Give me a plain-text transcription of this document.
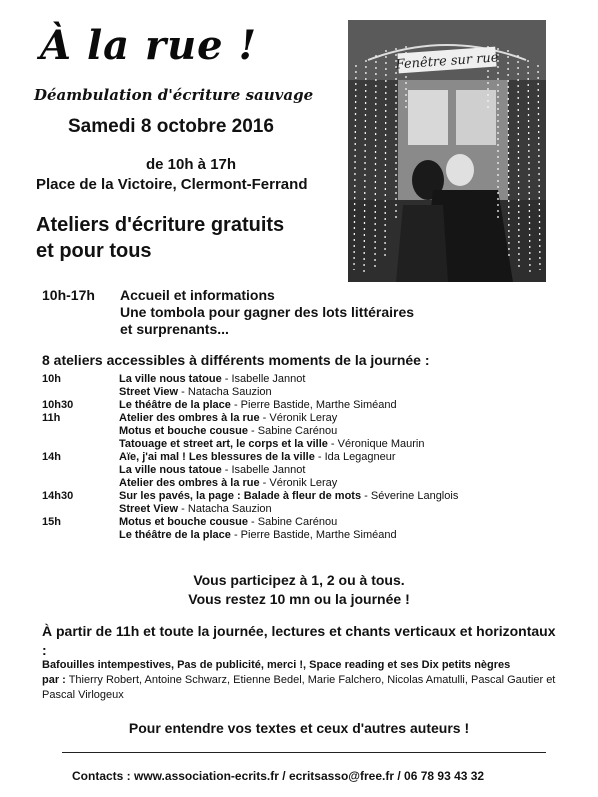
À la rue !
Déambulation d'écriture sauvage
Samedi 8 octobre 2016
de 10h à 17h
Place de la Victoire, Clermont-Ferrand
Ateliers d'écriture gratuits
et pour tous
Fenêtre sur rue
10h-17h Accueil et informations
Une tombola pour gagner des lots littéraires
et surprenants...
8 ateliers accessibles à différents moments de la journée :
10h	La ville nous tatoue - Isabelle Jannot
Street View - Natacha Sauzion
10h30	Le théâtre de la place - Pierre Bastide, Marthe Siméand
11h	Atelier des ombres à la rue - Véronik Leray
Motus et bouche cousue - Sabine Carénou
Tatouage et street art, le corps et la ville - Véronique Maurin
14h	Aïe, j'ai mal ! Les blessures de la ville - Ida Legagneur
La ville nous tatoue - Isabelle Jannot
Atelier des ombres à la rue - Véronik Leray
14h30	Sur les pavés, la page : Balade à fleur de mots - Séverine Langlois
Street View - Natacha Sauzion
15h	Motus et bouche cousue - Sabine Carénou
Le théâtre de la place - Pierre Bastide, Marthe Siméand
Vous participez à 1, 2 ou à tous.
Vous restez 10 mn ou la journée !
À partir de 11h et toute la journée, lectures et chants verticaux et horizontaux :
Bafouilles intempestives, Pas de publicité, merci !, Space reading et ses Dix petits nègres
par : Thierry Robert, Antoine Schwarz, Etienne Bedel, Marie Falchero, Nicolas Amatulli, Pascal Gautier et Pascal Virlogeux
Pour entendre vos textes et ceux d'autres auteurs !
Contacts : www.association-ecrits.fr / ecritsasso@free.fr / 06 78 93 43 32
